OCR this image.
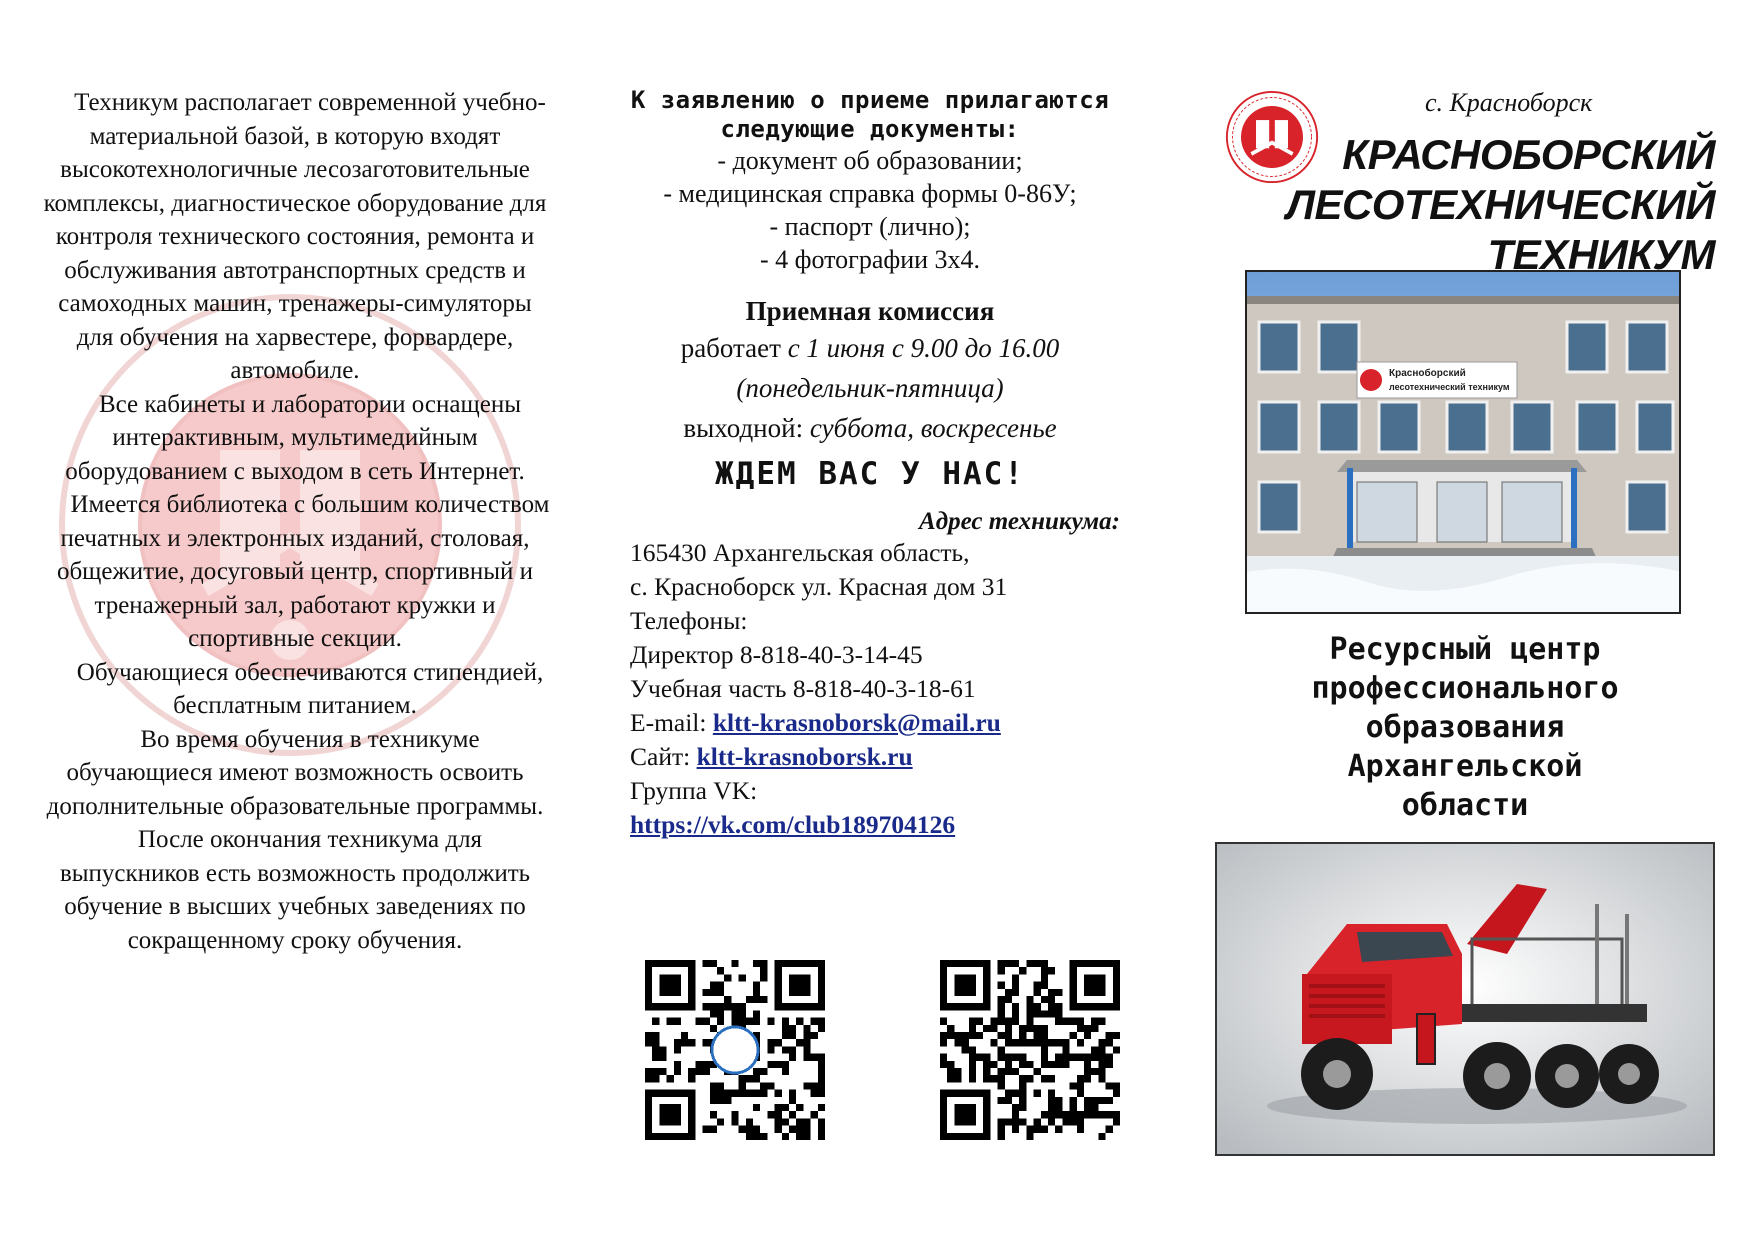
Техникум располагает современной учебно-материальной базой, в которую входят высокотехнологичные лесозаготовительные комплексы, диагностическое оборудование для контроля технического состояния, ремонта и обслуживания автотранспортных средств и самоходных машин, тренажеры-симуляторы для обучения на харвестере, форвардере, автомобиле.

Все кабинеты и лаборатории оснащены интерактивным, мультимедийным оборудованием с выходом в сеть Интернет.

Имеется библиотека с большим количеством печатных и электронных изданий, столовая, общежитие, досуговый центр, спортивный и тренажерный зал, работают кружки и спортивные секции.

Обучающиеся обеспечиваются стипендией, бесплатным питанием.

Во время обучения в техникуме обучающиеся имеют возможность освоить дополнительные образовательные программы.

После окончания техникума для выпускников есть возможность продолжить обучение в высших учебных заведениях по сокращенному сроку обучения.

К заявлению о приеме прилагаются следующие документы:
- документ об образовании;
- медицинская справка формы 0-86У;
- паспорт (лично);
- 4 фотографии 3х4.
Приемная комиссия
работает с 1 июня с 9.00 до 16.00
(понедельник-пятница)
выходной: суббота, воскресенье
ЖДЕМ ВАС У НАС!
Адрес техникума:
165430 Архангельская область,
с. Красноборск ул. Красная дом 31
Телефоны:
Директор 8-818-40-3-14-45
Учебная часть 8-818-40-3-18-61
E-mail: kltt-krasnoborsk@mail.ru
Сайт: kltt-krasnoborsk.ru
Группа VK:
https://vk.com/club189704126
с. Красноборск
КРАСНОБОРСКИЙ
ЛЕСОТЕХНИЧЕСКИЙ
ТЕХНИКУМ
Красноборский
лесотехнический техникум
Ресурсный центр
профессионального
образования
Архангельской
области
